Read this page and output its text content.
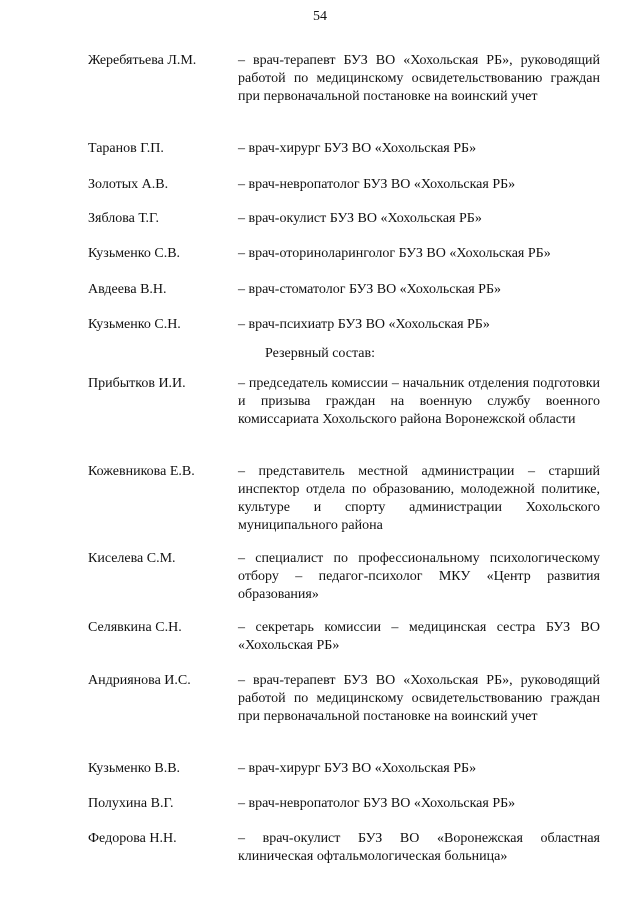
54
Жеребятьева Л.М.	– врач-терапевт БУЗ ВО «Хохольская РБ», руководящий работой по медицинскому освидетельствованию граждан при первоначальной постановке на воинский учет
Таранов Г.П.	– врач-хирург БУЗ ВО «Хохольская РБ»
Золотых А.В.	– врач-невропатолог БУЗ ВО «Хохольская РБ»
Зяблова Т.Г.	– врач-окулист БУЗ ВО «Хохольская РБ»
Кузьменко С.В.	– врач-оториноларинголог БУЗ ВО «Хохольская РБ»
Авдеева В.Н.	– врач-стоматолог БУЗ ВО «Хохольская РБ»
Кузьменко С.Н.	– врач-психиатр БУЗ ВО «Хохольская РБ»
Резервный состав:
Прибытков И.И.	– председатель комиссии – начальник отделения подготовки и призыва граждан на военную службу военного комиссариата Хохольского района Воронежской области
Кожевникова Е.В.	– представитель местной администрации – старший инспектор отдела по образованию, молодежной политике, культуре и спорту администрации Хохольского муниципального района
Киселева С.М.	– специалист по профессиональному психологическому отбору – педагог-психолог МКУ «Центр развития образования»
Селявкина С.Н.	– секретарь комиссии – медицинская сестра БУЗ ВО «Хохольская РБ»
Андриянова И.С.	– врач-терапевт БУЗ ВО «Хохольская РБ», руководящий работой по медицинскому освидетельствованию граждан при первоначальной постановке на воинский учет
Кузьменко В.В.	– врач-хирург БУЗ ВО «Хохольская РБ»
Полухина В.Г.	– врач-невропатолог БУЗ ВО «Хохольская РБ»
Федорова Н.Н.	– врач-окулист БУЗ ВО «Воронежская областная клиническая офтальмологическая больница»
